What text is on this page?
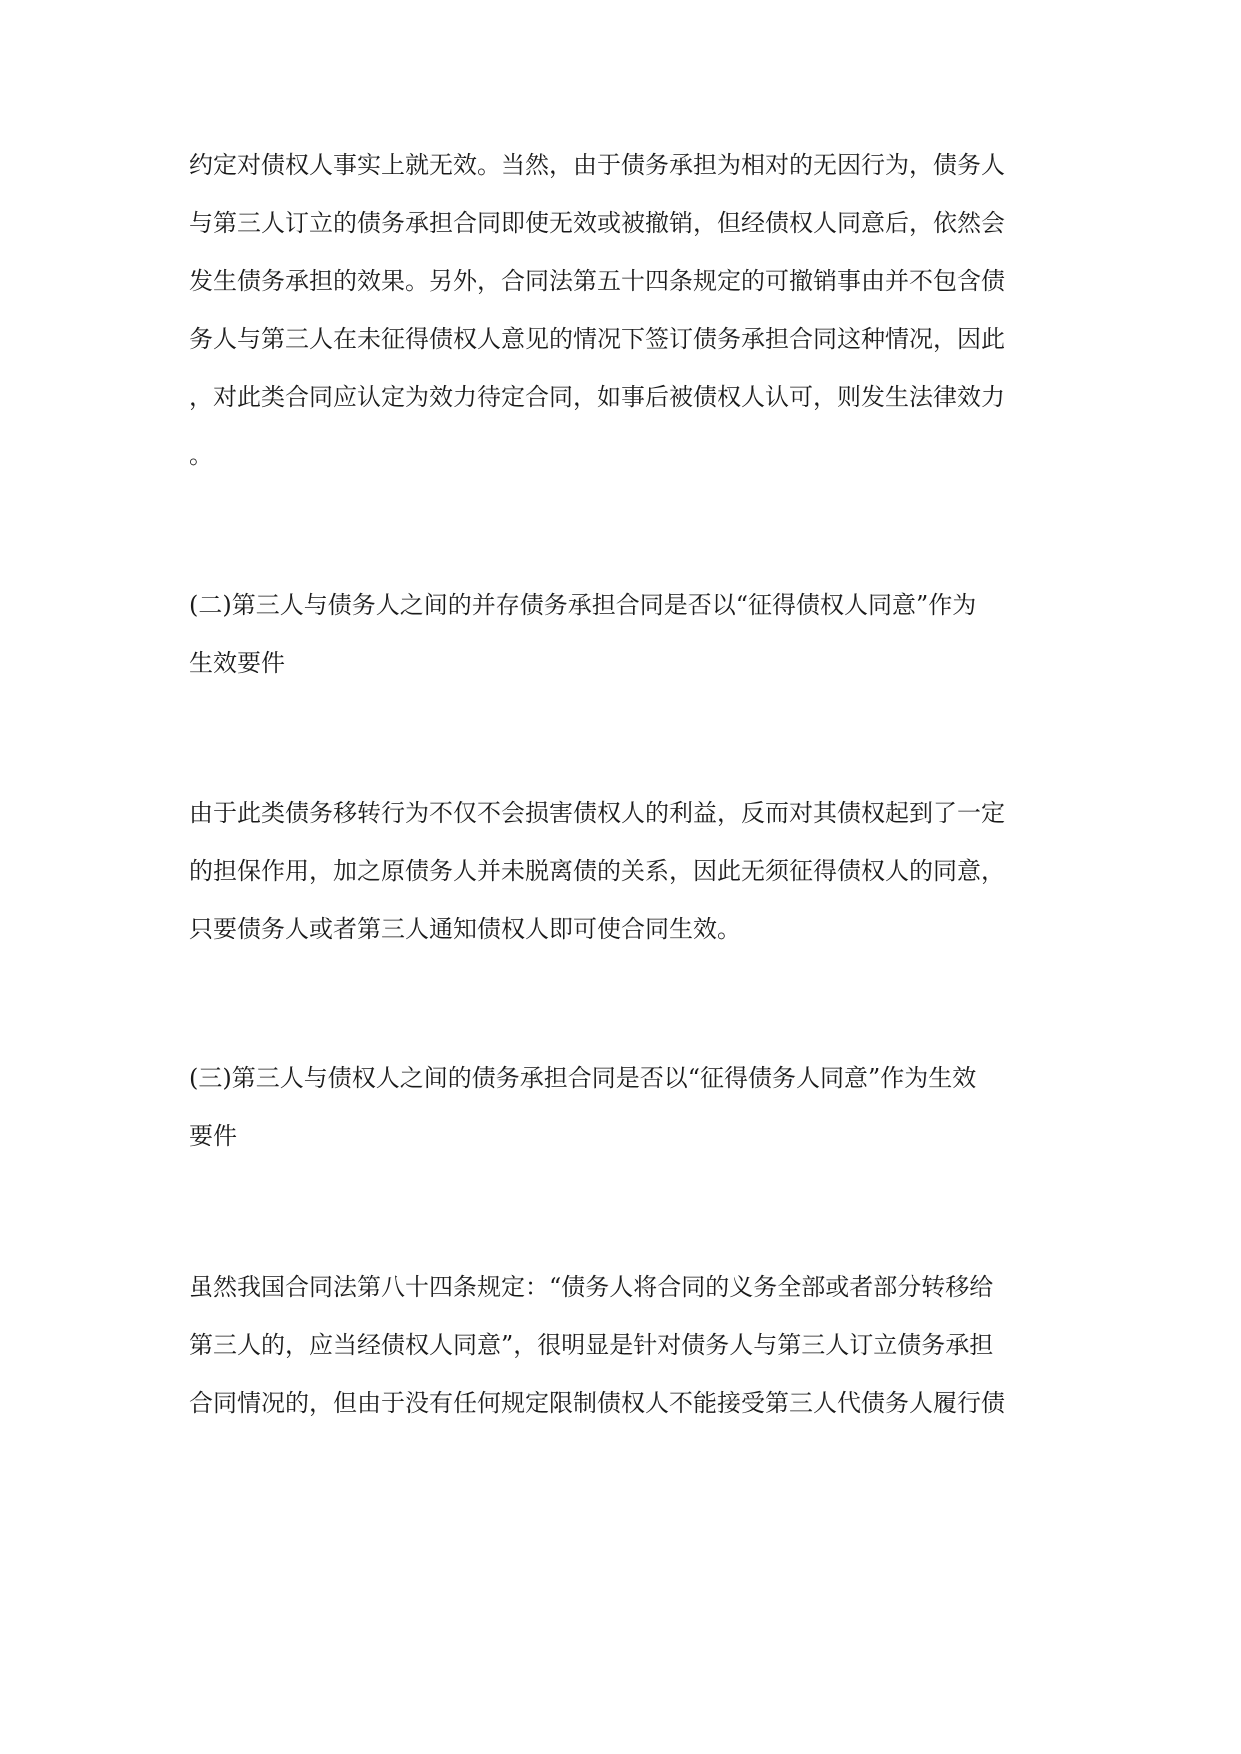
约定对债权人事实上就无效。当然，由于债务承担为相对的无因行为，债务人
与第三人订立的债务承担合同即使无效或被撤销，但经债权人同意后，依然会
发生债务承担的效果。另外，合同法第五十四条规定的可撤销事由并不包含债
务人与第三人在未征得债权人意见的情况下签订债务承担合同这种情况，因此
，对此类合同应认定为效力待定合同，如事后被债权人认可，则发生法律效力
。
(二)第三人与债务人之间的并存债务承担合同是否以“征得债权人同意”作为
生效要件
由于此类债务移转行为不仅不会损害债权人的利益，反而对其债权起到了一定
的担保作用，加之原债务人并未脱离债的关系，因此无须征得债权人的同意，
只要债务人或者第三人通知债权人即可使合同生效。
(三)第三人与债权人之间的债务承担合同是否以“征得债务人同意”作为生效
要件
虽然我国合同法第八十四条规定：“债务人将合同的义务全部或者部分转移给
第三人的，应当经债权人同意”，很明显是针对债务人与第三人订立债务承担
合同情况的，但由于没有任何规定限制债权人不能接受第三人代债务人履行债
